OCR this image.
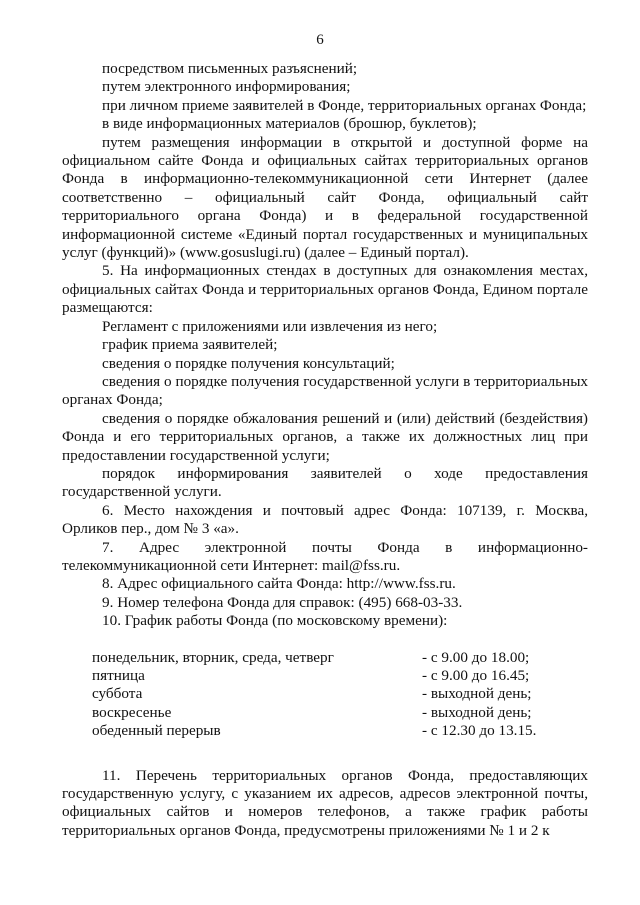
6

посредством письменных разъяснений;

путем электронного информирования;

при личном приеме заявителей в Фонде, территориальных органах Фонда;

в виде информационных материалов (брошюр, буклетов);

путем размещения информации в открытой и доступной форме на официальном сайте Фонда и официальных сайтах территориальных органов Фонда в информационно-телекоммуникационной сети Интернет (далее соответственно – официальный сайт Фонда, официальный сайт территориального органа Фонда) и в федеральной государственной информационной системе «Единый портал государственных и муниципальных услуг (функций)» (www.gosuslugi.ru) (далее – Единый портал).

5. На информационных стендах в доступных для ознакомления местах, официальных сайтах Фонда и территориальных органов Фонда, Едином портале размещаются:

Регламент с приложениями или извлечения из него;

график приема заявителей;

сведения о порядке получения консультаций;

сведения о порядке получения государственной услуги в территориальных органах Фонда;

сведения о порядке обжалования решений и (или) действий (бездействия) Фонда и его территориальных органов, а также их должностных лиц при предоставлении государственной услуги;

порядок информирования заявителей о ходе предоставления государственной услуги.

6. Место нахождения и почтовый адрес Фонда: 107139, г. Москва, Орликов пер., дом № 3 «а».

7. Адрес электронной почты Фонда в информационно-телекоммуникационной сети Интернет: mail@fss.ru.

8. Адрес официального сайта Фонда: http://www.fss.ru.

9. Номер телефона Фонда для справок: (495) 668-03-33.

10. График работы Фонда (по московскому времени):

понедельник, вторник, среда, четверг	- с 9.00 до 18.00;
пятница	- с 9.00 до 16.45;
суббота	- выходной день;
воскресенье	- выходной день;
обеденный перерыв	- с 12.30 до 13.15.

11. Перечень территориальных органов Фонда, предоставляющих государственную услугу, с указанием их адресов, адресов электронной почты, официальных сайтов и номеров телефонов, а также график работы территориальных органов Фонда, предусмотрены приложениями № 1 и 2 к
